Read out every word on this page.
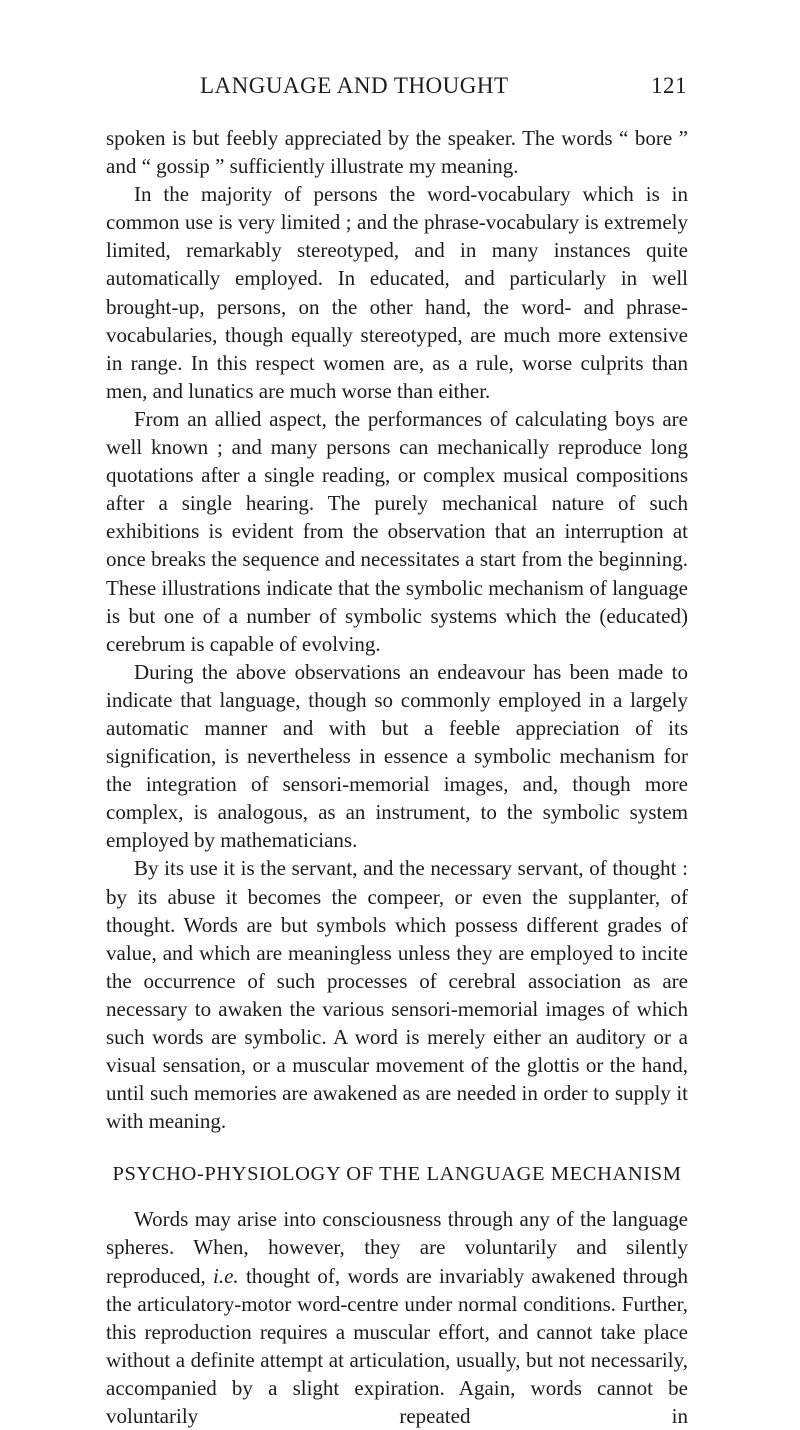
LANGUAGE AND THOUGHT	121

spoken is but feebly appreciated by the speaker. The words “ bore ” and “ gossip ” sufficiently illustrate my meaning.

In the majority of persons the word-vocabulary which is in common use is very limited ; and the phrase-vocabulary is extremely limited, remarkably stereotyped, and in many instances quite automatically employed. In educated, and particularly in well brought-up, persons, on the other hand, the word- and phrase-vocabularies, though equally stereotyped, are much more extensive in range. In this respect women are, as a rule, worse culprits than men, and lunatics are much worse than either.

From an allied aspect, the performances of calculating boys are well known ; and many persons can mechanically reproduce long quotations after a single reading, or complex musical compositions after a single hearing. The purely mechanical nature of such exhibitions is evident from the observation that an interruption at once breaks the sequence and necessitates a start from the beginning. These illustrations indicate that the symbolic mechanism of language is but one of a number of symbolic systems which the (educated) cerebrum is capable of evolving.

During the above observations an endeavour has been made to indicate that language, though so commonly employed in a largely automatic manner and with but a feeble appreciation of its signification, is nevertheless in essence a symbolic mechanism for the integration of sensori-memorial images, and, though more complex, is analogous, as an instrument, to the symbolic system employed by mathematicians.

By its use it is the servant, and the necessary servant, of thought : by its abuse it becomes the compeer, or even the supplanter, of thought. Words are but symbols which possess different grades of value, and which are meaningless unless they are employed to incite the occurrence of such processes of cerebral association as are necessary to awaken the various sensori-memorial images of which such words are symbolic. A word is merely either an auditory or a visual sensation, or a muscular movement of the glottis or the hand, until such memories are awakened as are needed in order to supply it with meaning.

PSYCHO-PHYSIOLOGY OF THE LANGUAGE MECHANISM

Words may arise into consciousness through any of the language spheres. When, however, they are voluntarily and silently reproduced, i.e. thought of, words are invariably awakened through the articulatory-motor word-centre under normal conditions. Further, this reproduction requires a muscular effort, and cannot take place without a definite attempt at articulation, usually, but not necessarily, accompanied by a slight expiration. Again, words cannot be voluntarily repeated in
